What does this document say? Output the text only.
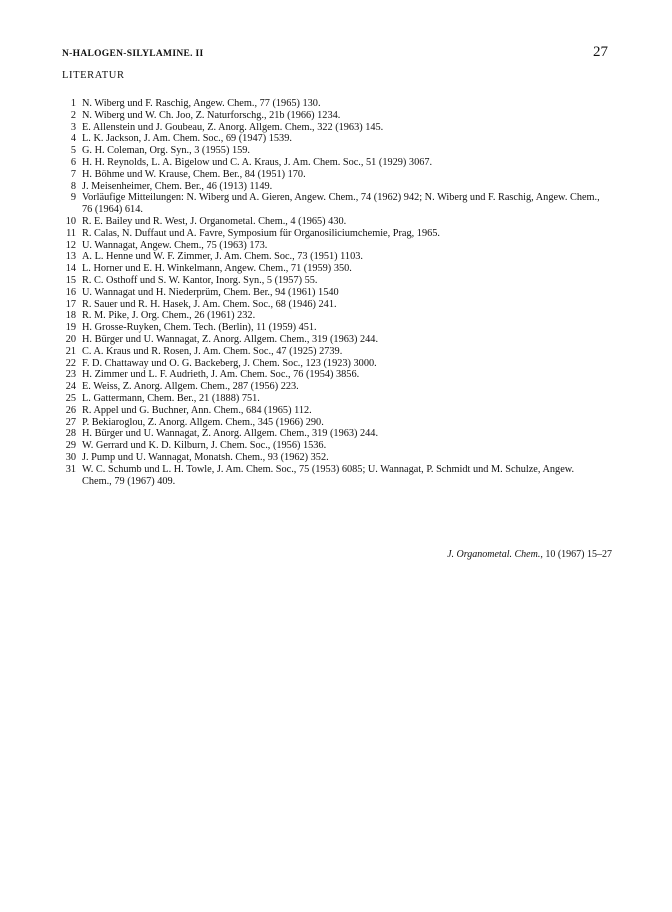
N-HALOGEN-SILYLAMINE. II	27
LITERATUR
1 N. Wiberg und F. Raschig, Angew. Chem., 77 (1965) 130.
2 N. Wiberg und W. Ch. Joo, Z. Naturforschg., 21b (1966) 1234.
3 E. Allenstein und J. Goubeau, Z. Anorg. Allgem. Chem., 322 (1963) 145.
4 L. K. Jackson, J. Am. Chem. Soc., 69 (1947) 1539.
5 G. H. Coleman, Org. Syn., 3 (1955) 159.
6 H. H. Reynolds, L. A. Bigelow und C. A. Kraus, J. Am. Chem. Soc., 51 (1929) 3067.
7 H. Böhme und W. Krause, Chem. Ber., 84 (1951) 170.
8 J. Meisenheimer, Chem. Ber., 46 (1913) 1149.
9 Vorläufige Mitteilungen: N. Wiberg und A. Gieren, Angew. Chem., 74 (1962) 942; N. Wiberg und F. Raschig, Angew. Chem., 76 (1964) 614.
10 R. E. Bailey und R. West, J. Organometal. Chem., 4 (1965) 430.
11 R. Calas, N. Duffaut und A. Favre, Symposium für Organosiliciumchemie, Prag, 1965.
12 U. Wannagat, Angew. Chem., 75 (1963) 173.
13 A. L. Henne und W. F. Zimmer, J. Am. Chem. Soc., 73 (1951) 1103.
14 L. Horner und E. H. Winkelmann, Angew. Chem., 71 (1959) 350.
15 R. C. Osthoff und S. W. Kantor, Inorg. Syn., 5 (1957) 55.
16 U. Wannagat und H. Niederprüm, Chem. Ber., 94 (1961) 1540
17 R. Sauer und R. H. Hasek, J. Am. Chem. Soc., 68 (1946) 241.
18 R. M. Pike, J. Org. Chem., 26 (1961) 232.
19 H. Grosse-Ruyken, Chem. Tech. (Berlin), 11 (1959) 451.
20 H. Bürger und U. Wannagat, Z. Anorg. Allgem. Chem., 319 (1963) 244.
21 C. A. Kraus und R. Rosen, J. Am. Chem. Soc., 47 (1925) 2739.
22 F. D. Chattaway und O. G. Backeberg, J. Chem. Soc., 123 (1923) 3000.
23 H. Zimmer und L. F. Audrieth, J. Am. Chem. Soc., 76 (1954) 3856.
24 E. Weiss, Z. Anorg. Allgem. Chem., 287 (1956) 223.
25 L. Gattermann, Chem. Ber., 21 (1888) 751.
26 R. Appel und G. Buchner, Ann. Chem., 684 (1965) 112.
27 P. Bekiaroglou, Z. Anorg. Allgem. Chem., 345 (1966) 290.
28 H. Bürger und U. Wannagat, Z. Anorg. Allgem. Chem., 319 (1963) 244.
29 W. Gerrard und K. D. Kilburn, J. Chem. Soc., (1956) 1536.
30 J. Pump und U. Wannagat, Monatsh. Chem., 93 (1962) 352.
31 W. C. Schumb und L. H. Towle, J. Am. Chem. Soc., 75 (1953) 6085; U. Wannagat, P. Schmidt und M. Schulze, Angew. Chem., 79 (1967) 409.
J. Organometal. Chem., 10 (1967) 15–27
